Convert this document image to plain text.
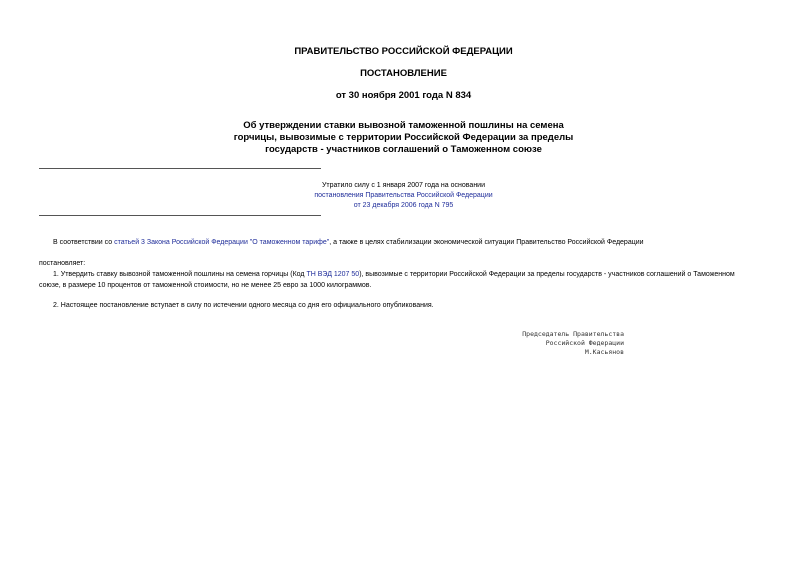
ПРАВИТЕЛЬСТВО РОССИЙСКОЙ ФЕДЕРАЦИИ
ПОСТАНОВЛЕНИЕ
от 30 ноября 2001 года N 834
Об утверждении ставки вывозной таможенной пошлины на семена
горчицы, вывозимые с территории Российской Федерации за пределы
государств - участников соглашений о Таможенном союзе
Утратило силу с 1 января 2007 года на основании
постановления Правительства Российской Федерации
от 23 декабря 2006 года N 795
В соответствии со статьей 3 Закона Российской Федерации "О таможенном тарифе", а также в целях стабилизации экономической ситуации Правительство Российской Федерации
постановляет:
1. Утвердить ставку вывозной таможенной пошлины на семена горчицы (Код ТН ВЭД 1207 50), вывозимые с территории Российской Федерации за пределы государств - участников соглашений о Таможенном
союзе, в размере 10 процентов от таможенной стоимости, но не менее 25 евро за 1000 килограммов.
2. Настоящее постановление вступает в силу по истечении одного месяца со дня его официального опубликования.
Председатель Правительства
Российской Федерации
М.Касьянов
